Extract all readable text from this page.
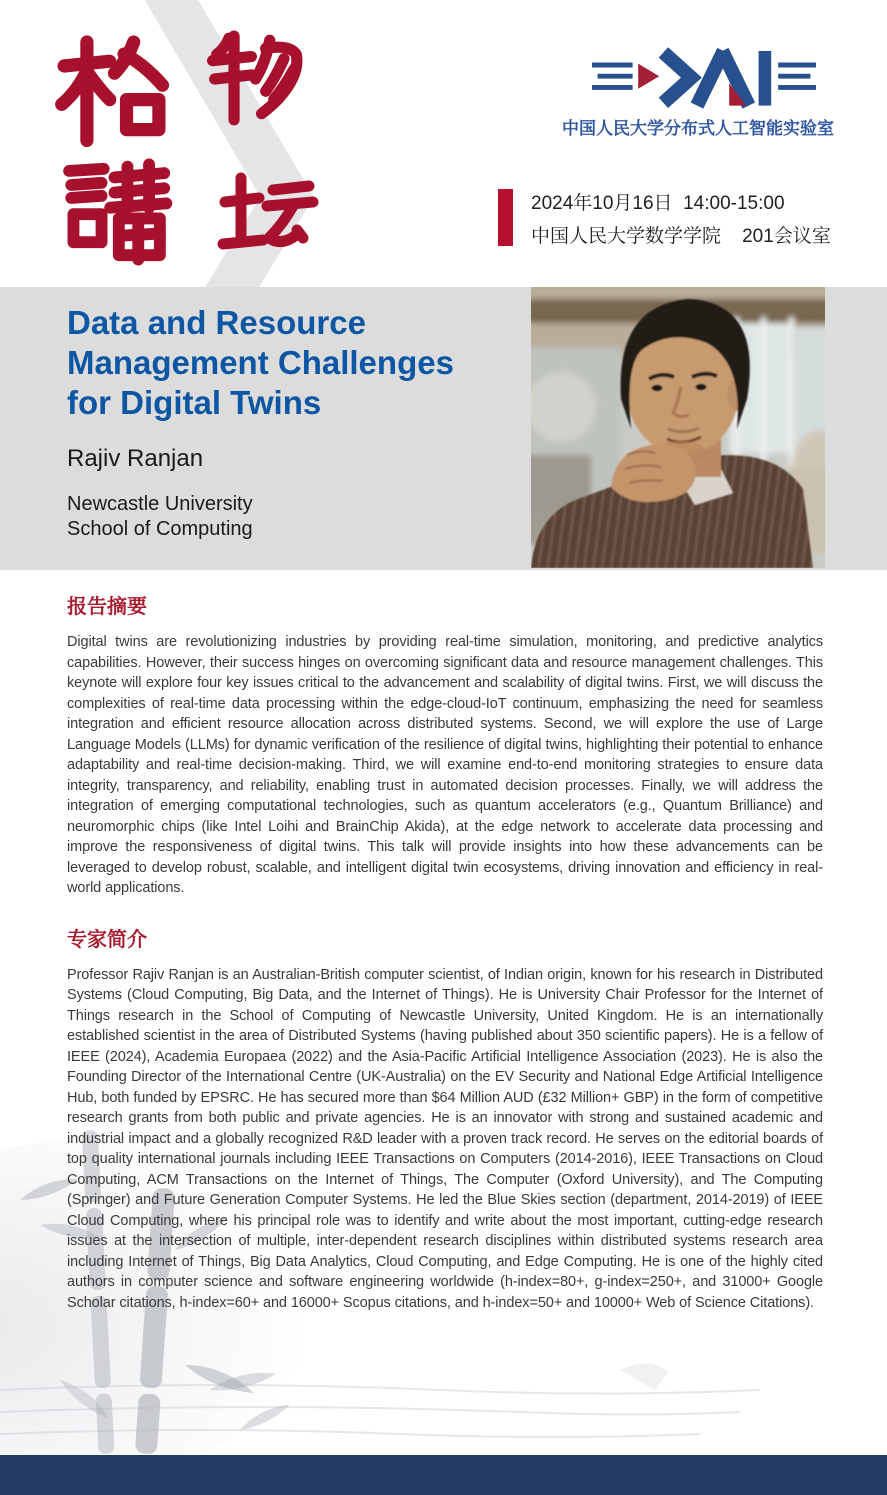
中国人民大学分布式人工智能实验室
2024年10月16日  14:00-15:00
中国人民大学数学学院    201会议室
Data and Resource
Management Challenges
for Digital Twins
Rajiv Ranjan
Newcastle University
School of Computing
报告摘要

Digital twins are revolutionizing industries by providing real-time simulation, monitoring, and predictive analytics capabilities. However, their success hinges on overcoming significant data and resource management challenges. This keynote will explore four key issues critical to the advancement and scalability of digital twins. First, we will discuss the complexities of real-time data processing within the edge-cloud-IoT continuum, emphasizing the need for seamless integration and efficient resource allocation across distributed systems. Second, we will explore the use of Large Language Models (LLMs) for dynamic verification of the resilience of digital twins, highlighting their potential to enhance adaptability and real-time decision-making. Third, we will examine end-to-end monitoring strategies to ensure data integrity, transparency, and reliability, enabling trust in automated decision processes. Finally, we will address the integration of emerging computational technologies, such as quantum accelerators (e.g., Quantum Brilliance) and neuromorphic chips (like Intel Loihi and BrainChip Akida), at the edge network to accelerate data processing and improve the responsiveness of digital twins. This talk will provide insights into how these advancements can be leveraged to develop robust, scalable, and intelligent digital twin ecosystems, driving innovation and efficiency in real-world applications.

专家简介

Professor Rajiv Ranjan is an Australian-British computer scientist, of Indian origin, known for his research in Distributed Systems (Cloud Computing, Big Data, and the Internet of Things). He is University Chair Professor for the Internet of Things research in the School of Computing of Newcastle University, United Kingdom. He is an internationally established scientist in the area of Distributed Systems (having published about 350 scientific papers). He is a fellow of IEEE (2024), Academia Europaea (2022) and the Asia-Pacific Artificial Intelligence Association (2023). He is also the Founding Director of the International Centre (UK-Australia) on the EV Security and National Edge Artificial Intelligence Hub, both funded by EPSRC. He has secured more than $64 Million AUD (£32 Million+ GBP) in the form of competitive research grants from both public and private agencies. He is an innovator with strong and sustained academic and industrial impact and a globally recognized R&D leader with a proven track record. He serves on the editorial boards of top quality international journals including IEEE Transactions on Computers (2014-2016), IEEE Transactions on Cloud Computing, ACM Transactions on the Internet of Things, The Computer (Oxford University), and The Computing (Springer) and Future Generation Computer Systems. He led the Blue Skies section (department, 2014-2019) of IEEE Cloud Computing, where his principal role was to identify and write about the most important, cutting-edge research issues at the intersection of multiple, inter-dependent research disciplines within distributed systems research area including Internet of Things, Big Data Analytics, Cloud Computing, and Edge Computing. He is one of the highly cited authors in computer science and software engineering worldwide (h-index=80+, g-index=250+, and 31000+ Google Scholar citations, h-index=60+ and 16000+ Scopus citations, and h-index=50+ and 10000+ Web of Science Citations).
